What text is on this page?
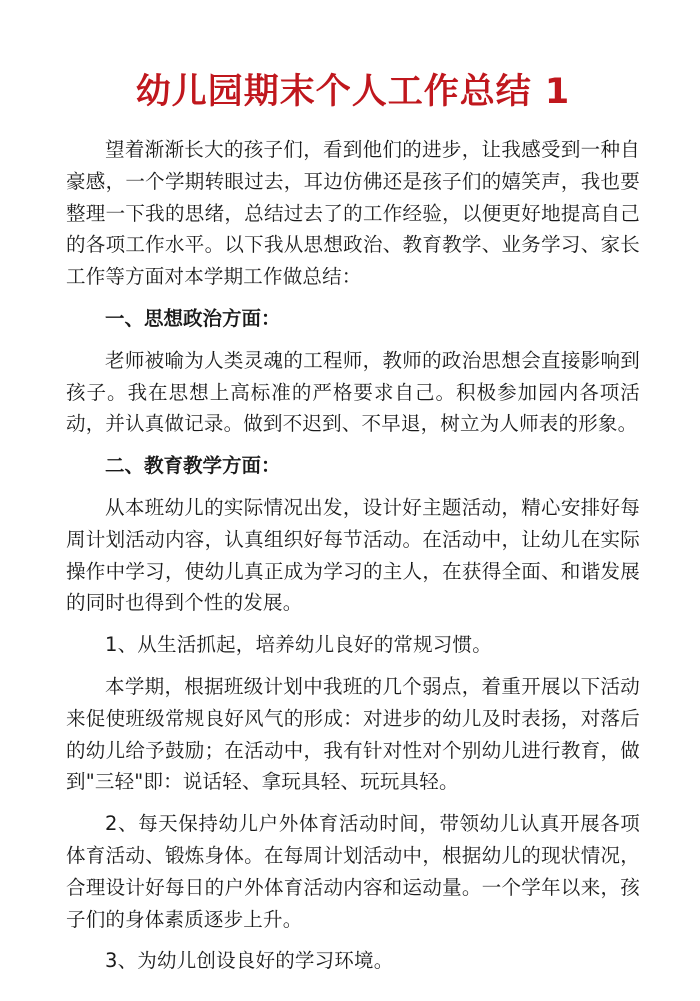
幼儿园期末个人工作总结 1

望着渐渐长大的孩子们，看到他们的进步，让我感受到一种自豪感，一个学期转眼过去，耳边仿佛还是孩子们的嬉笑声，我也要整理一下我的思绪，总结过去了的工作经验，以便更好地提高自己的各项工作水平。以下我从思想政治、教育教学、业务学习、家长工作等方面对本学期工作做总结：

一、思想政治方面：

老师被喻为人类灵魂的工程师，教师的政治思想会直接影响到孩子。我在思想上高标准的严格要求自己。积极参加园内各项活动，并认真做记录。做到不迟到、不早退，树立为人师表的形象。

二、教育教学方面：

从本班幼儿的实际情况出发，设计好主题活动，精心安排好每周计划活动内容，认真组织好每节活动。在活动中，让幼儿在实际操作中学习，使幼儿真正成为学习的主人，在获得全面、和谐发展的同时也得到个性的发展。

1、从生活抓起，培养幼儿良好的常规习惯。

本学期，根据班级计划中我班的几个弱点，着重开展以下活动来促使班级常规良好风气的形成：对进步的幼儿及时表扬，对落后的幼儿给予鼓励；在活动中，我有针对性对个别幼儿进行教育，做到"三轻"即：说话轻、拿玩具轻、玩玩具轻。

2、每天保持幼儿户外体育活动时间，带领幼儿认真开展各项体育活动、锻炼身体。在每周计划活动中，根据幼儿的现状情况，合理设计好每日的户外体育活动内容和运动量。一个学年以来，孩子们的身体素质逐步上升。

3、为幼儿创设良好的学习环境。
